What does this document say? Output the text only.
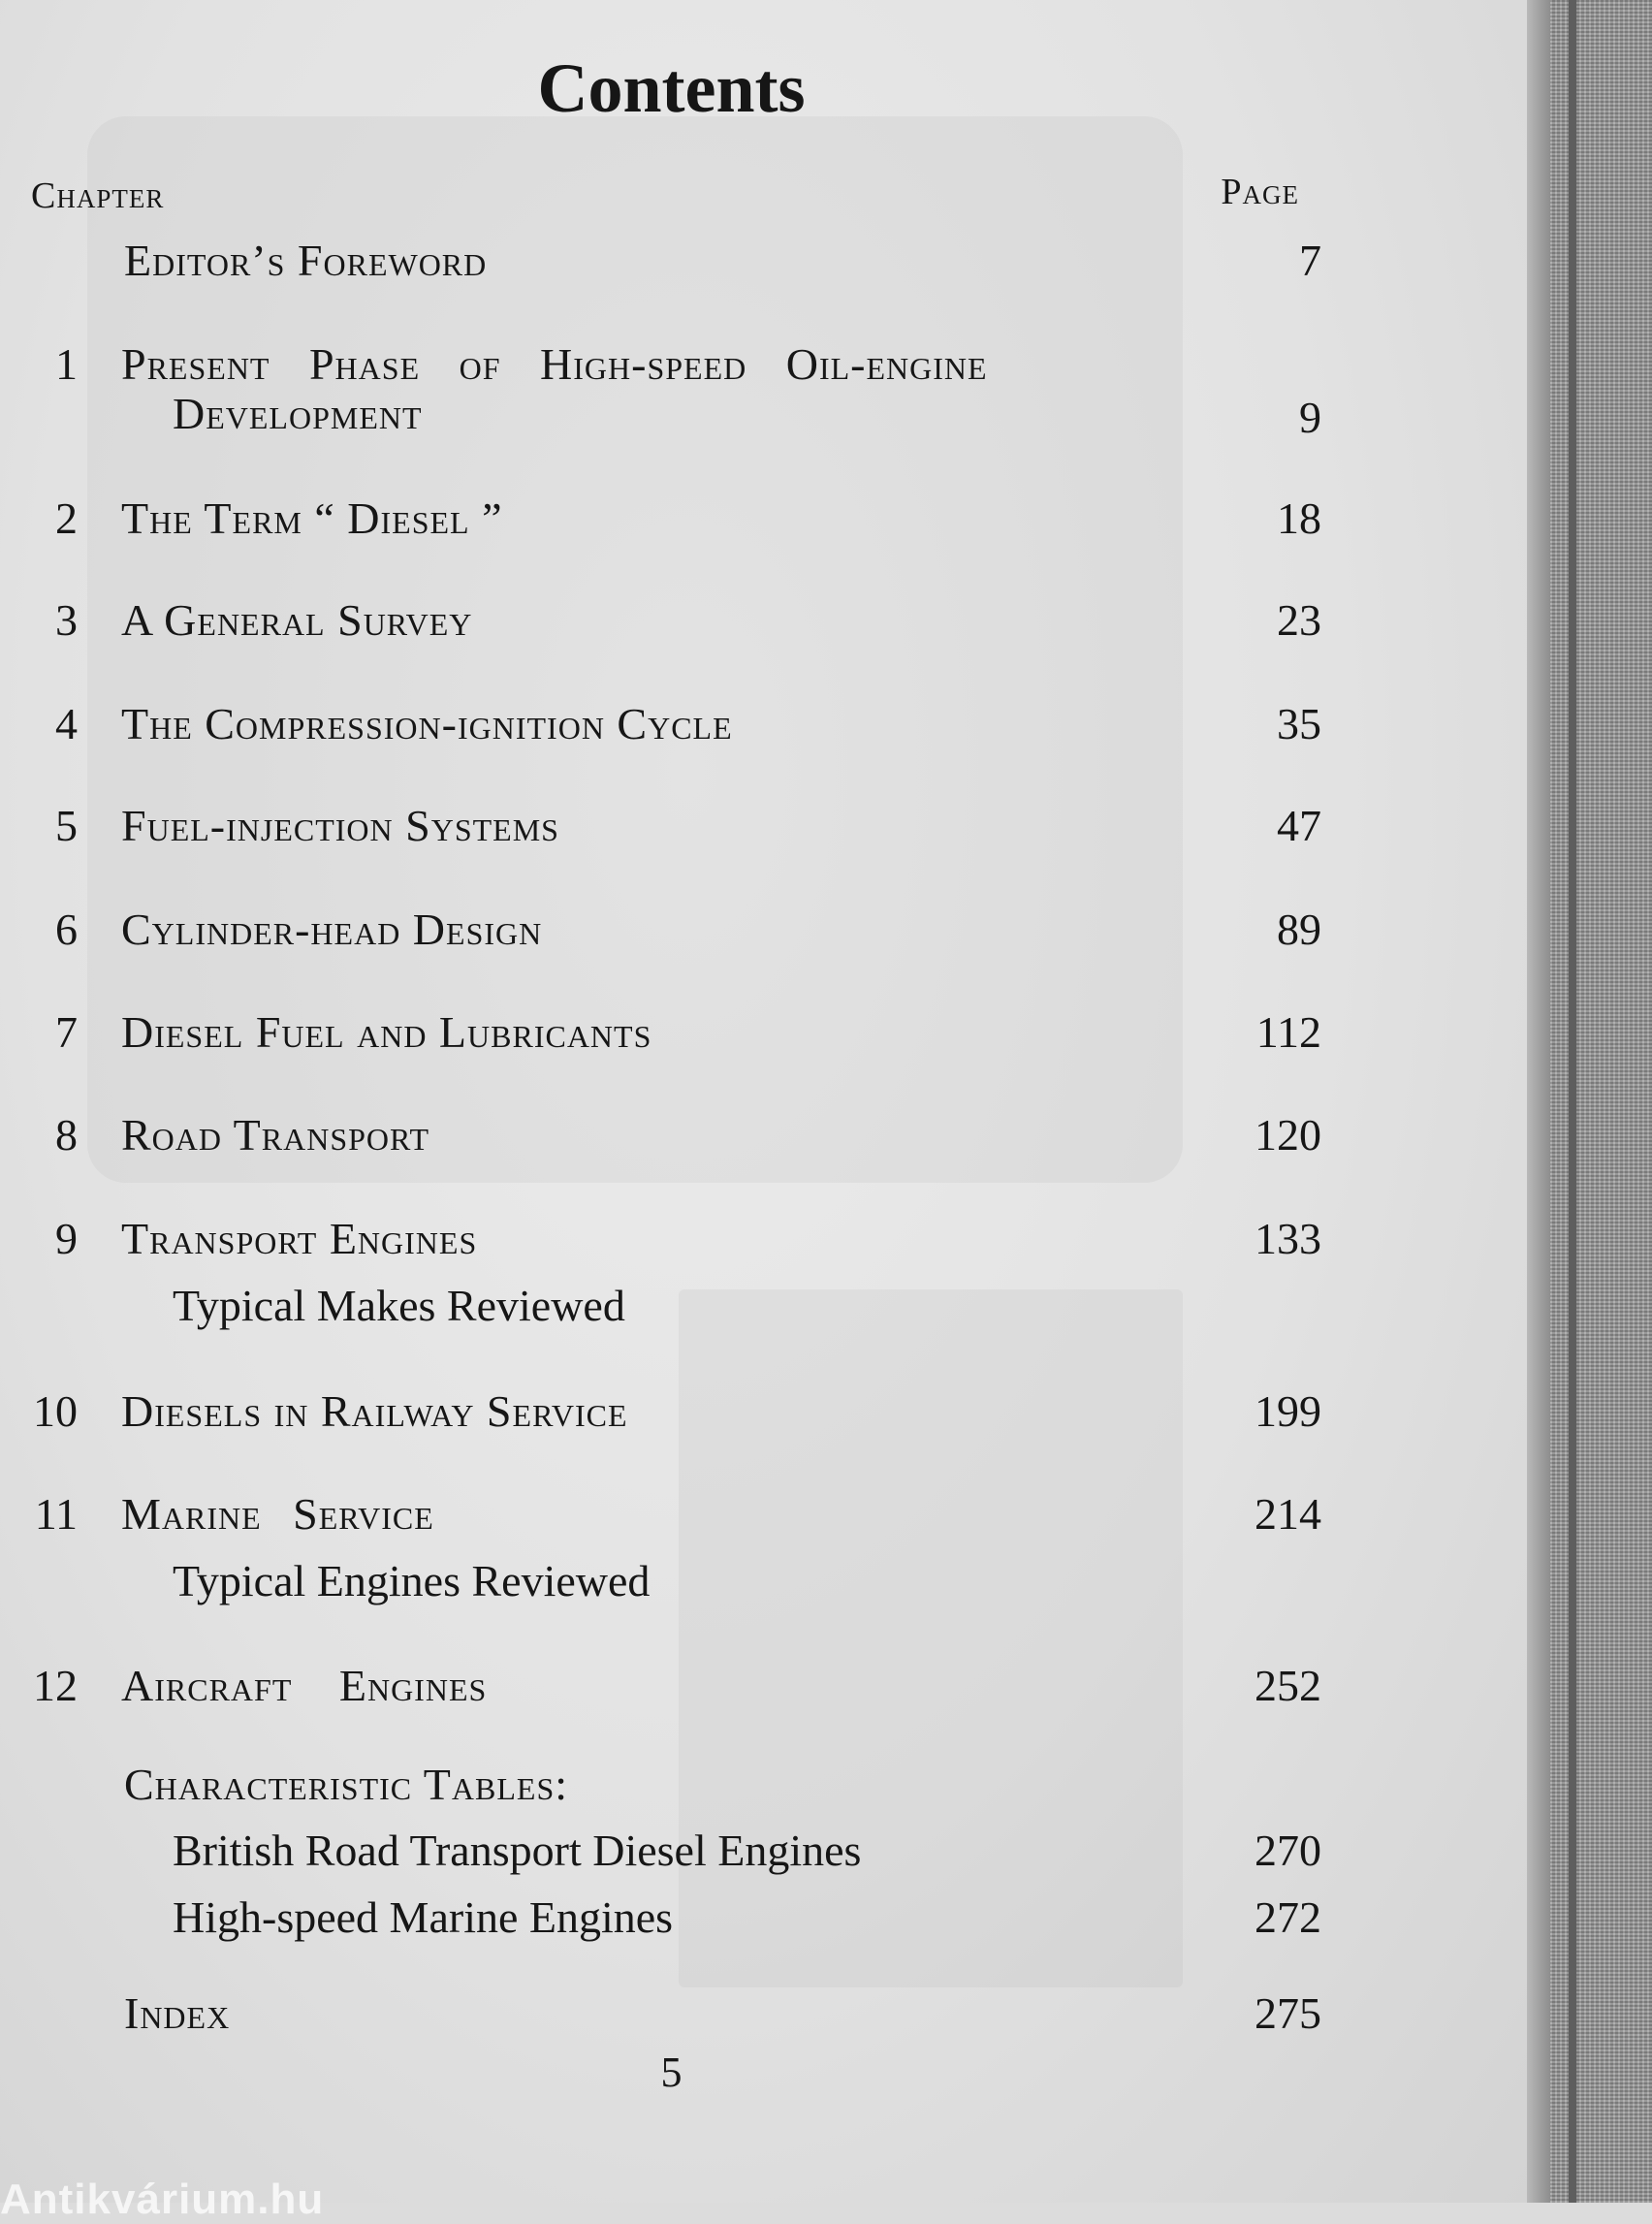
Contents
Chapter	Page
Editor’s Foreword	7
1 Present Phase of High-speed Oil-engine
Development	9
2 The Term “ Diesel ”	18
3 A General Survey	23
4 The Compression-ignition Cycle	35
5 Fuel-injection Systems	47
6 Cylinder-head Design	89
7 Diesel Fuel and Lubricants	112
8 Road Transport	120
9 Transport Engines	133
Typical Makes Reviewed
10 Diesels in Railway Service	199
11 Marine Service	214
Typical Engines Reviewed
12 Aircraft Engines	252
Characteristic Tables:
British Road Transport Diesel Engines	270
High-speed Marine Engines	272
Index	275
5
Antikvárium.hu
